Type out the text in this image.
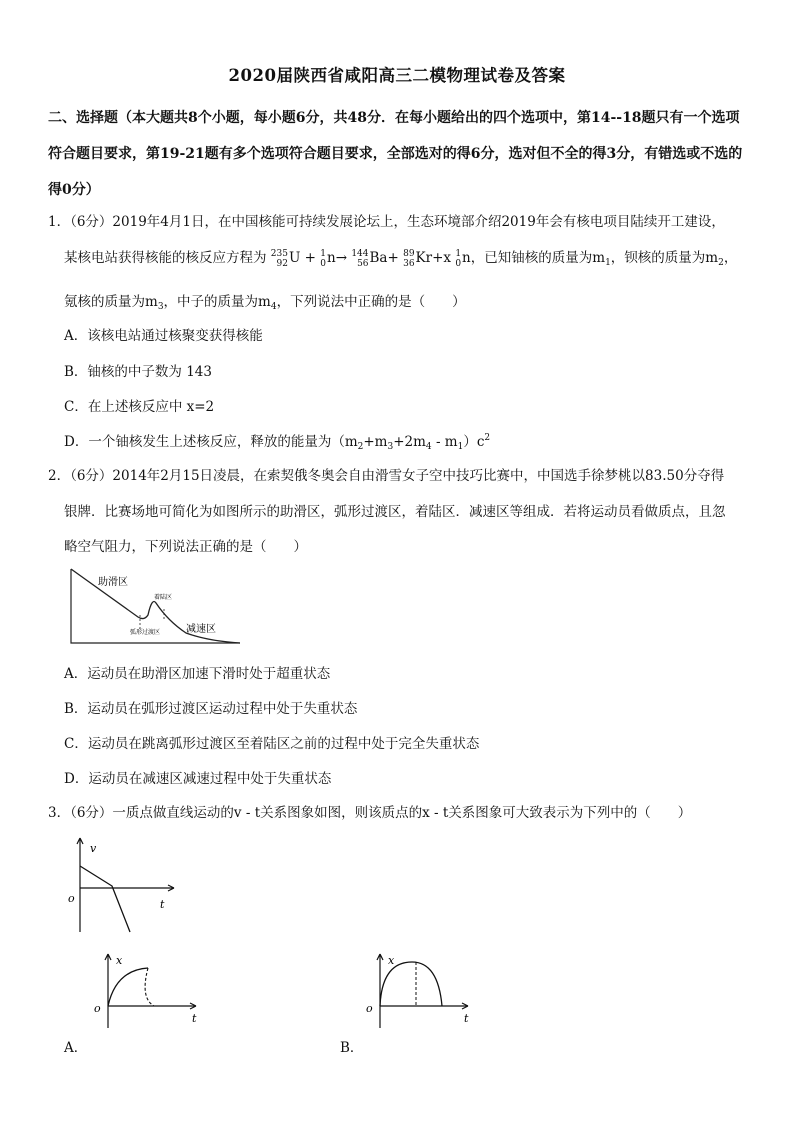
2020届陕西省咸阳高三二模物理试卷及答案
二、选择题（本大题共8个小题，每小题6分，共48分．在每小题给出的四个选项中，第14--18题只有一个选项
符合题目要求，第19-21题有多个选项符合题目要求，全部选对的得6分，选对但不全的得3分，有错选或不选的
得0分）
1．（6分）2019年4月1日，在中国核能可持续发展论坛上，生态环境部介绍2019年会有核电项目陆续开工建设，
某核电站获得核能的核反应方程为 235
92 U + 1
0 n→ 144
56 Ba+ 89
36 Kr+x 1
0 n，已知铀核的质量为$m_1$，钡核的质量为$m_2$，
氪核的质量为$m_3$，中子的质量为$m_4$，下列说法中正确的是（　　）
A．该核电站通过核聚变获得核能
B．铀核的中子数为 143
C．在上述核反应中 x=2
D．一个铀核发生上述核反应，释放的能量为$(m_2+m_3+2m_4 - m_1)c^2$
2．（6分）2014年2月15日凌晨，在索契俄冬奥会自由滑雪女子空中技巧比赛中，中国选手徐梦桃以83.50分夺得
银牌．比赛场地可简化为如图所示的助滑区，弧形过渡区，着陆区．减速区等组成．若将运动员看做质点，且忽
略空气阻力，下列说法正确的是（　　）
助滑区
弧形过渡区
着陆区
减速区
A．运动员在助滑区加速下滑时处于超重状态
B．运动员在弧形过渡区运动过程中处于失重状态
C．运动员在跳离弧形过渡区至着陆区之前的过程中处于完全失重状态
D．运动员在减速区减速过程中处于失重状态
3．（6分）一质点做直线运动的v - t关系图象如图，则该质点的x - t关系图象可大致表示为下列中的（　　）
v
t
o
x
t
o
A．
x
t
o
B．
